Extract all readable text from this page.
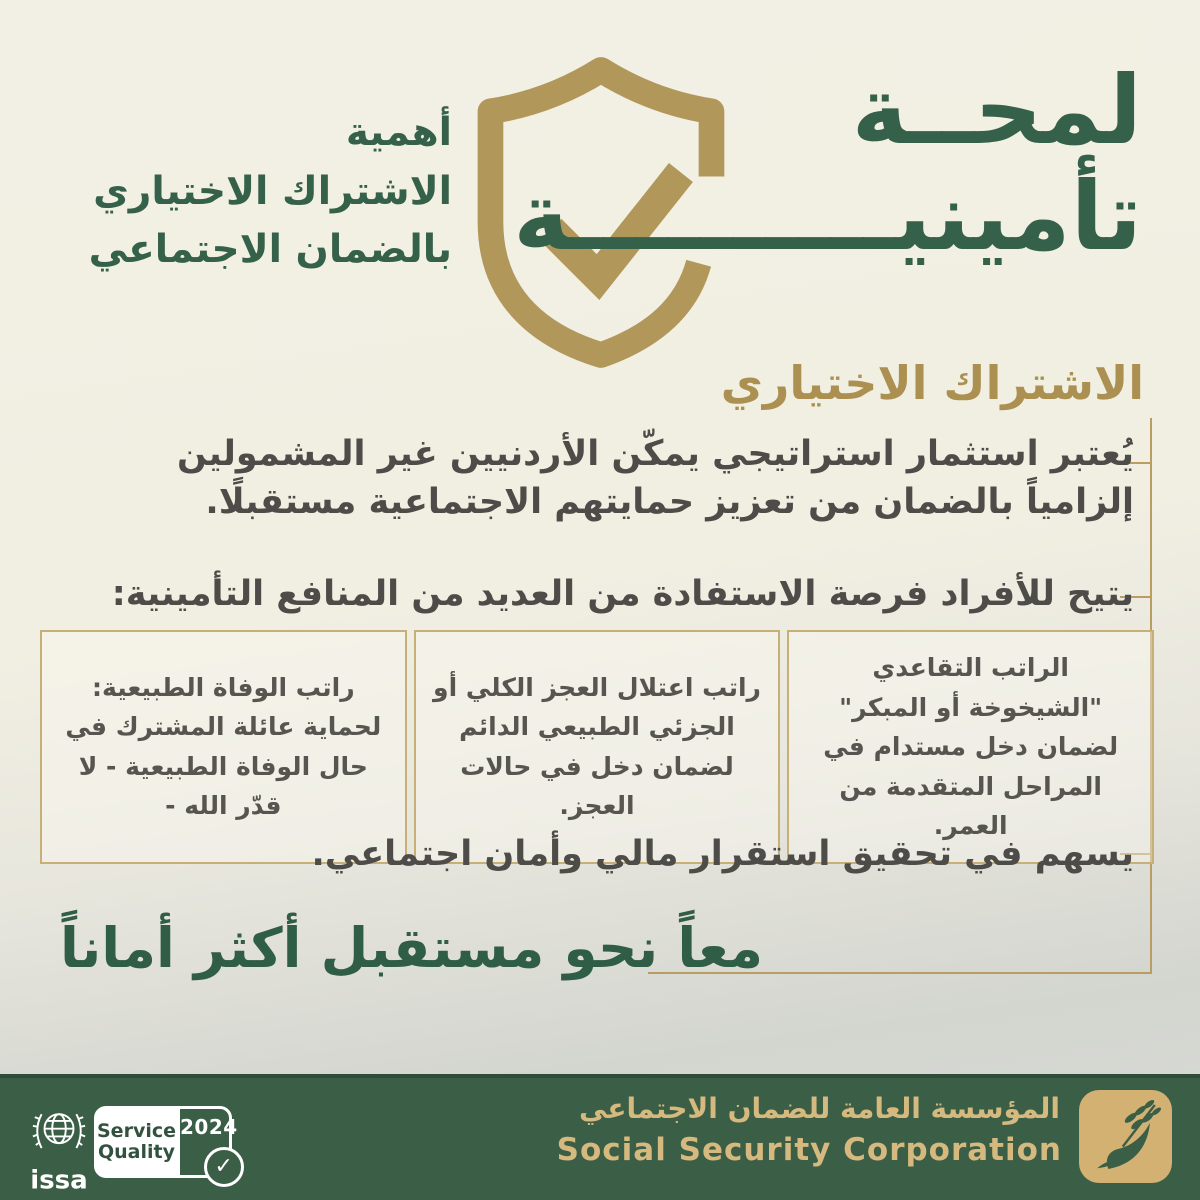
لمحــة
تأمينيــــــــــة
أهمية
الاشتراك الاختياري
بالضمان الاجتماعي
الاشتراك الاختياري

يُعتبر استثمار استراتيجي يمكّن الأردنيين غير المشمولين إلزامياً بالضمان من تعزيز حمايتهم الاجتماعية مستقبلًا.

يتيح للأفراد فرصة الاستفادة من العديد من المنافع التأمينية:

الراتب التقاعدي "الشيخوخة أو المبكر" لضمان دخل مستدام في المراحل المتقدمة من العمر.

راتب اعتلال العجز الكلي أو الجزئي الطبيعي الدائم لضمان دخل في حالات العجز.

راتب الوفاة الطبيعية: لحماية عائلة المشترك في حال الوفاة الطبيعية - لا قدّر الله -

يسهم في تحقيق استقرار مالي وأمان اجتماعي.

معاً نحو مستقبل أكثر أماناً
issa
Service
Quality
2024
✓
المؤسسة العامة للضمان الاجتماعي
Social Security Corporation
